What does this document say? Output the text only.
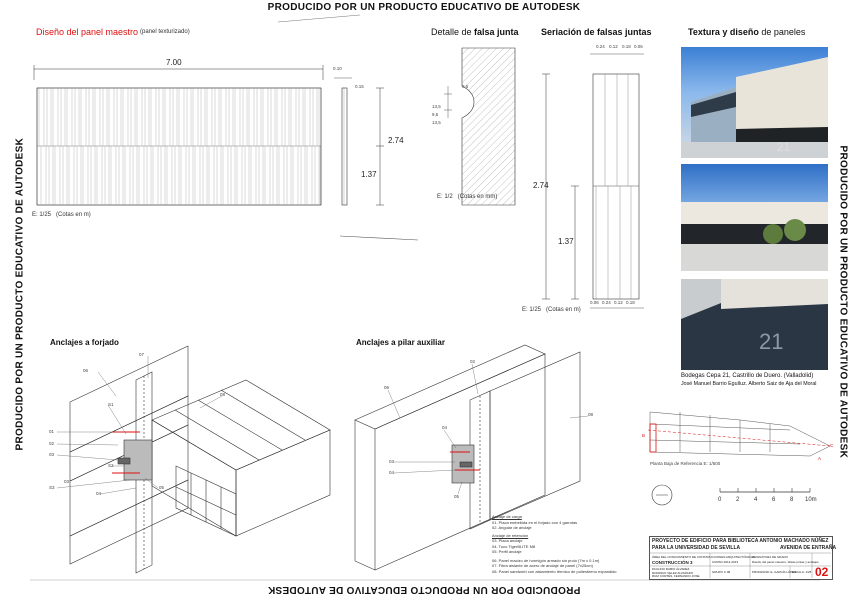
PRODUCIDO POR UN PRODUCTO EDUCATIVO DE AUTODESK
PRODUCIDO POR UN PRODUCTO EDUCATIVO DE AUTODESK
PRODUCIDO POR UN PRODUCTO EDUCATIVO DE AUTODESK	PRODUCIDO POR UN PRODUCTO EDUCATIVO DE AUTODESK
Diseño del panel maestro (panel texturizado)
7.00
0.10
0.15
2.74
1.37
E: 1/25 (Cotas en m)
Detalle de falsa junta
13,5
9,5
13,5
9,5
E: 1/2 (Cotas en mm)
Seriación de falsas juntas
0.24 0.12 0.18 0.06
2.74
1.37
0.06 0.24 0.12 0.18
E: 1/25 (Cotas en m)
Textura y diseño de paneles
21
21
Bodegas Cepa 21, Castrillo de Duero. (Valladolid)
José Manuel Barrio Eguíluz. Alberto Saiz de Aja del Moral
Anclajes a forjado
07
06
08
S1
01
02
03
S2
03
S3
04
05
Anclajes a pilar auxiliar
02
06
08
04
03
04
05
Anclaje de carga
01. Placa embebida en el forjado con 4 garrotas
02. Angular de anclaje
Anclaje de retención
03. Placa anclaje
04. Tuco TigerBLITE M8
05. Perfil anclaje
06. Panel macizo de hormigón armado sin prolo (7m x 0.1m)
07. Fibra aislante de acero de anclaje de panel (7x25cm)
08. Panel sandwich con aislamiento térmico de poliestireno expandido
B
C
A
Planta Baja de Referencia E: 1/500
0 2 4 6 8 10m
PROYECTO DE EDIFICIO PARA BIBLIOTECA ANTONIO MACHADO NÚÑEZ
PARA LA UNIVERSIDAD DE SEVILLA	AVENIDA DE ENTRAÑA
ÁREA DEL CONOCIMIENTO DE CONSTRUCCIONES ARQUITECTÓNICAS
ASIGNATURA DE GRADO
CONSTRUCCIÓN 3	CURSO 2012-2013	Diseño del panel maestro, falsas juntas y anclajes
PAULINO RUBIO ÁLVAREZ
RODRIGO VELEZ ALVARADO
RUIZ CORTÉS, FERNANDO JOSÉ
GRUPO C 08	PROFESOR: E. GARCÍA LÓPEZ
ESCALA: 1/25 02
